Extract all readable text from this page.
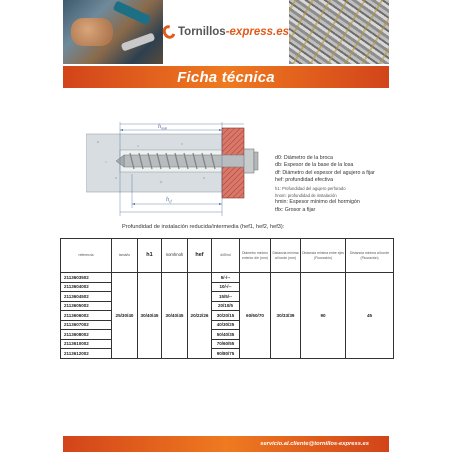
Tornillos-express.es
Ficha técnica
$h_{nom}$
$h_{ef}$
d0: Diámetro de la broca
db: Espesor de la base de la losa
df: Diámetro del espesor del agujero a fijar
hef: profundidad efectiva
h1: Profundidad del agujero perforado
hnom: profundidad de instalación
hmin: Espesor mínimo del hormigón
tfix: Grosor a fijar
Profundidad de instalación reducida/intermedia (hef1, hef2, hef3):
referencia	tamaño	h1	nomhnoh	hef	d/Ø/nd	Diámetro mínimo exterior d/e (mm)	Distancia mínima al borde (mm)	Distancia mínima entre ejes (Fluoración)	Distancia mínima al borde (Fluoración)
2113603502	25/30/40	30/40/45	30/40/45	20/22/26	5/-/--	60/60/70	30/33/39	90	45
2113604002					10/-/--				
2113604502					15/5/--				
2113605002					20/10/5				
2113606002					30/20/15				
2113607002					40/30/25				
2113608002					50/40/35				
2113610002					70/60/55				
2113612002					90/80/75				
servicio.al.cliente@tornillos-express.es
